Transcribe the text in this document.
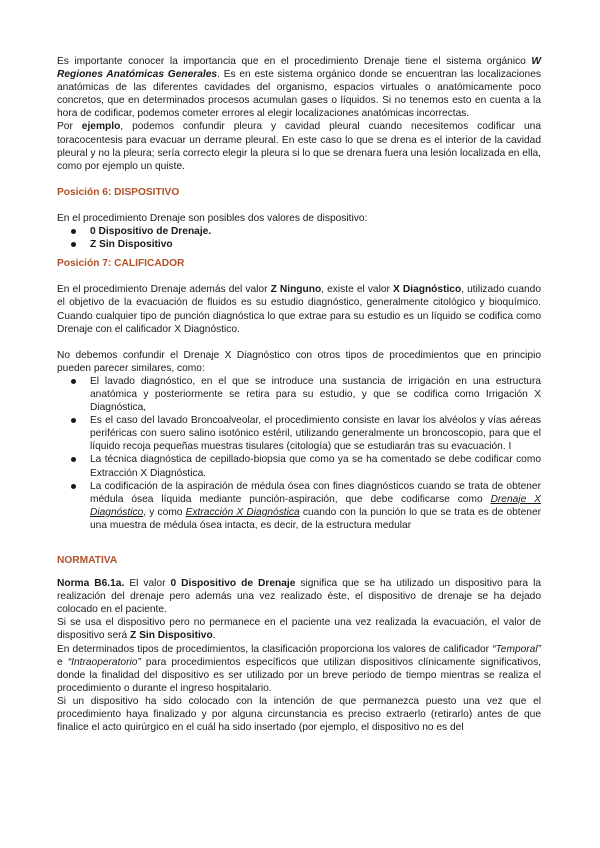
Es importante conocer la importancia que en el procedimiento Drenaje tiene el sistema orgánico W Regiones Anatómicas Generales. Es en este sistema orgánico donde se encuentran las localizaciones anatómicas de las diferentes cavidades del organismo, espacios virtuales o anatómicamente poco concretos, que en determinados procesos acumulan gases o líquidos. Si no tenemos esto en cuenta a la hora de codificar, podemos cometer errores al elegir localizaciones anatómicas incorrectas.

Por ejemplo, podemos confundir pleura y cavidad pleural cuando necesitemos codificar una toracocentesis para evacuar un derrame pleural. En este caso lo que se drena es el interior de la cavidad pleural y no la pleura; sería correcto elegir la pleura si lo que se drenara fuera una lesión localizada en ella, como por ejemplo un quiste.

Posición 6: DISPOSITIVO

En el procedimiento Drenaje son posibles dos valores de dispositivo:

0 Dispositivo de Drenaje.
Z Sin Dispositivo

Posición 7: CALIFICADOR

En el procedimiento Drenaje además del valor Z Ninguno, existe el valor X Diagnóstico, utilizado cuando el objetivo de la evacuación de fluidos es su estudio diagnóstico, generalmente citológico y bioquímico. Cuando cualquier tipo de punción diagnóstica lo que extrae para su estudio es un líquido se codifica como Drenaje con el calificador X Diagnóstico.

No debemos confundir el Drenaje X Diagnóstico con otros tipos de procedimientos que en principio pueden parecer similares, como:

El lavado diagnóstico, en el que se introduce una sustancia de irrigación en una estructura anatómica y posteriormente se retira para su estudio, y que se codifica como Irrigación X Diagnóstica,
Es el caso del lavado Broncoalveolar, el procedimiento consiste en lavar los alvéolos y vías aéreas periféricas con suero salino isotónico estéril, utilizando generalmente un broncoscopio, para que el líquido recoja pequeñas muestras tisulares (citología) que se estudiarán tras su evacuación. I
La técnica diagnóstica de cepillado-biopsia que como ya se ha comentado se debe codificar como Extracción X Diagnóstica.
La codificación de la aspiración de médula ósea con fines diagnósticos cuando se trata de obtener médula ósea líquida mediante punción-aspiración, que debe codificarse como Drenaje X Diagnóstico, y como Extracción X Diagnóstica cuando con la punción lo que se trata es de obtener una muestra de médula ósea intacta, es decir, de la estructura medular

NORMATIVA

Norma B6.1a. El valor 0 Dispositivo de Drenaje significa que se ha utilizado un dispositivo para la realización del drenaje pero además una vez realizado éste, el dispositivo de drenaje se ha dejado colocado en el paciente.

Si se usa el dispositivo pero no permanece en el paciente una vez realizada la evacuación, el valor de dispositivo será Z Sin Dispositivo.

En determinados tipos de procedimientos, la clasificación proporciona los valores de calificador “Temporal” e “Intraoperatorio” para procedimientos específicos que utilizan dispositivos clínicamente significativos, donde la finalidad del dispositivo es ser utilizado por un breve periodo de tiempo mientras se realiza el procedimiento o durante el ingreso hospitalario.

Si un dispositivo ha sido colocado con la intención de que permanezca puesto una vez que el procedimiento haya finalizado y por alguna circunstancia es preciso extraerlo (retirarlo) antes de que finalice el acto quirúrgico en el cuál ha sido insertado (por ejemplo, el dispositivo no es del
